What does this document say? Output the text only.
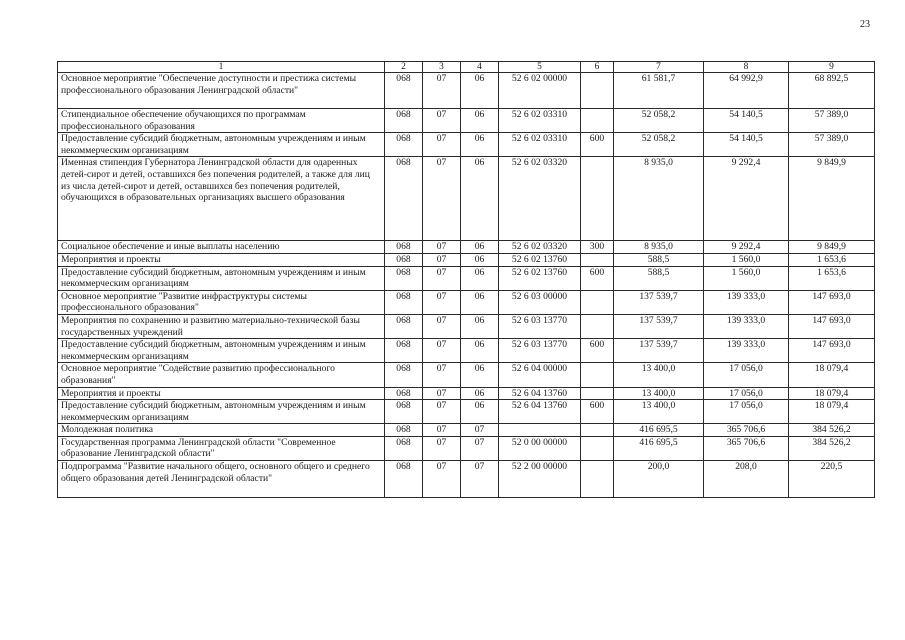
23
1	2	3	4	5	6	7	8	9
Основное мероприятие "Обеспечение доступности и престижа системы профессионального образования Ленинградской области"	068	07	06	52 6 02 00000		61 581,7	64 992,9	68 892,5
Стипендиальное обеспечение обучающихся по программам профессионального образования	068	07	06	52 6 02 03310		52 058,2	54 140,5	57 389,0
Предоставление субсидий бюджетным, автономным учреждениям и иным некоммерческим организациям	068	07	06	52 6 02 03310	600	52 058,2	54 140,5	57 389,0
Именная стипендия Губернатора Ленинградской области для одаренных детей-сирот и детей, оставшихся без попечения родителей, а также для лиц из числа детей-сирот и детей, оставшихся без попечения родителей, обучающихся в образовательных организациях высшего образования	068	07	06	52 6 02 03320		8 935,0	9 292,4	9 849,9
Социальное обеспечение и иные выплаты населению	068	07	06	52 6 02 03320	300	8 935,0	9 292,4	9 849,9
Мероприятия и проекты	068	07	06	52 6 02 13760		588,5	1 560,0	1 653,6
Предоставление субсидий бюджетным, автономным учреждениям и иным некоммерческим организациям	068	07	06	52 6 02 13760	600	588,5	1 560,0	1 653,6
Основное мероприятие "Развитие инфраструктуры системы профессионального образования"	068	07	06	52 6 03 00000		137 539,7	139 333,0	147 693,0
Мероприятия по сохранению и развитию материально-технической базы государственных учреждений	068	07	06	52 6 03 13770		137 539,7	139 333,0	147 693,0
Предоставление субсидий бюджетным, автономным учреждениям и иным некоммерческим организациям	068	07	06	52 6 03 13770	600	137 539,7	139 333,0	147 693,0
Основное мероприятие "Содействие развитию профессионального образования"	068	07	06	52 6 04 00000		13 400,0	17 056,0	18 079,4
Мероприятия и проекты	068	07	06	52 6 04 13760		13 400,0	17 056,0	18 079,4
Предоставление субсидий бюджетным, автономным учреждениям и иным некоммерческим организациям	068	07	06	52 6 04 13760	600	13 400,0	17 056,0	18 079,4
Молодежная политика	068	07	07			416 695,5	365 706,6	384 526,2
Государственная программа Ленинградской области "Современное образование Ленинградской области"	068	07	07	52 0 00 00000		416 695,5	365 706,6	384 526,2
Подпрограмма "Развитие начального общего, основного общего и среднего общего образования детей Ленинградской области"	068	07	07	52 2 00 00000		200,0	208,0	220,5
